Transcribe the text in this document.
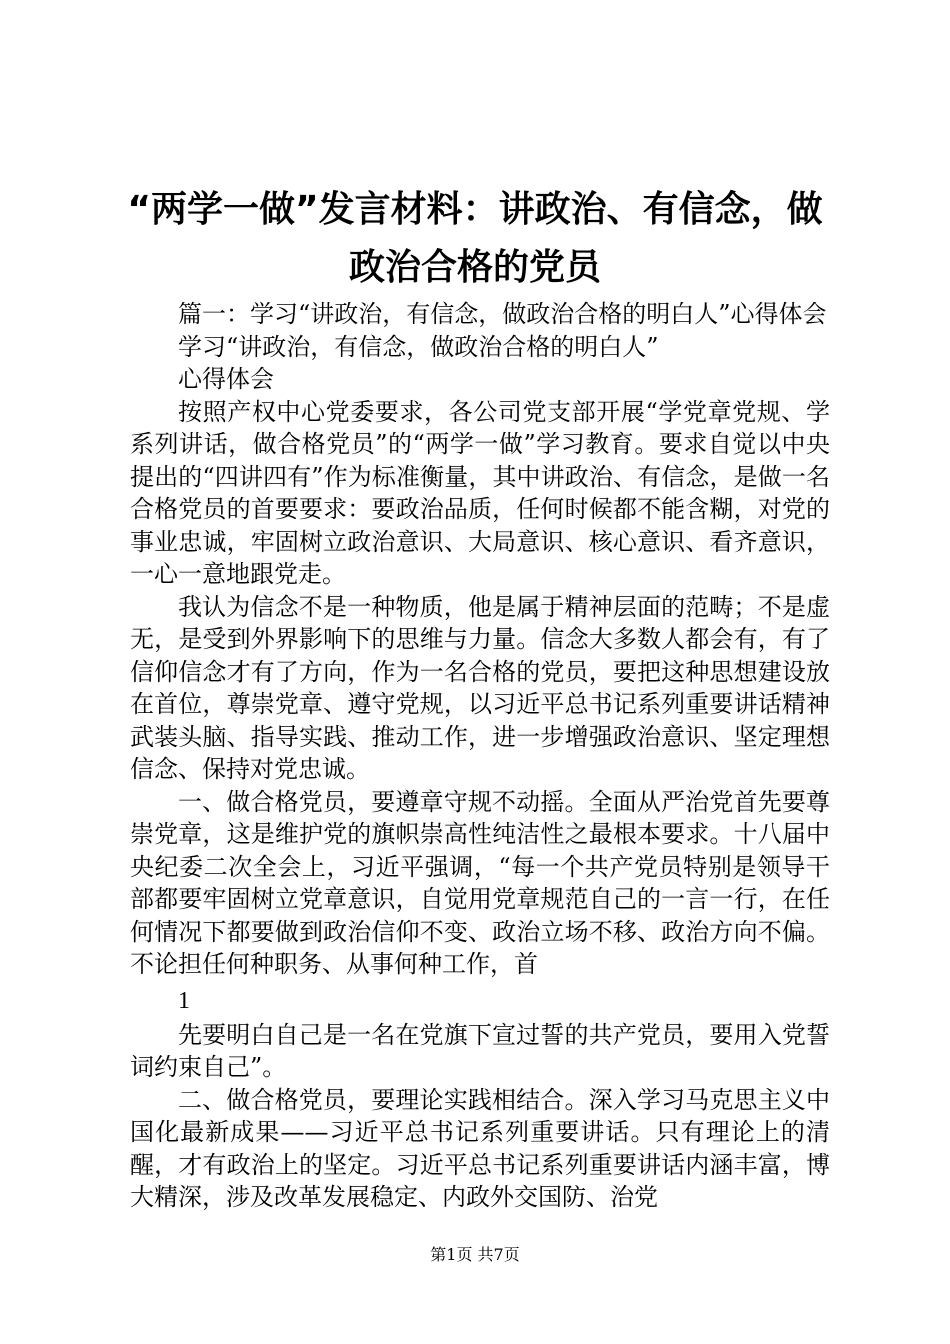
“两学一做”发言材料：讲政治、有信念，做
政治合格的党员

篇一：学习“讲政治，有信念，做政治合格的明白人”心得体会

学习“讲政治，有信念，做政治合格的明白人”

心得体会

按照产权中心党委要求，各公司党支部开展“学党章党规、学系列讲话，做合格党员”的“两学一做”学习教育。要求自觉以中央提出的“四讲四有”作为标准衡量，其中讲政治、有信念，是做一名合格党员的首要要求：要政治品质，任何时候都不能含糊，对党的事业忠诚，牢固树立政治意识、大局意识、核心意识、看齐意识，一心一意地跟党走。

我认为信念不是一种物质，他是属于精神层面的范畴；不是虚无，是受到外界影响下的思维与力量。信念大多数人都会有，有了信仰信念才有了方向，作为一名合格的党员，要把这种思想建设放在首位，尊崇党章、遵守党规，以习近平总书记系列重要讲话精神武装头脑、指导实践、推动工作，进一步增强政治意识、坚定理想信念、保持对党忠诚。

一、做合格党员，要遵章守规不动摇。全面从严治党首先要尊崇党章，这是维护党的旗帜崇高性纯洁性之最根本要求。十八届中央纪委二次全会上，习近平强调，“每一个共产党员特别是领导干部都要牢固树立党章意识，自觉用党章规范自己的一言一行，在任何情况下都要做到政治信仰不变、政治立场不移、政治方向不偏。不论担任何种职务、从事何种工作，首

1

先要明白自己是一名在党旗下宣过誓的共产党员，要用入党誓词约束自己”。

二、做合格党员，要理论实践相结合。深入学习马克思主义中国化最新成果——习近平总书记系列重要讲话。只有理论上的清醒，才有政治上的坚定。习近平总书记系列重要讲话内涵丰富，博大精深，涉及改革发展稳定、内政外交国防、治党

第1页 共7页
